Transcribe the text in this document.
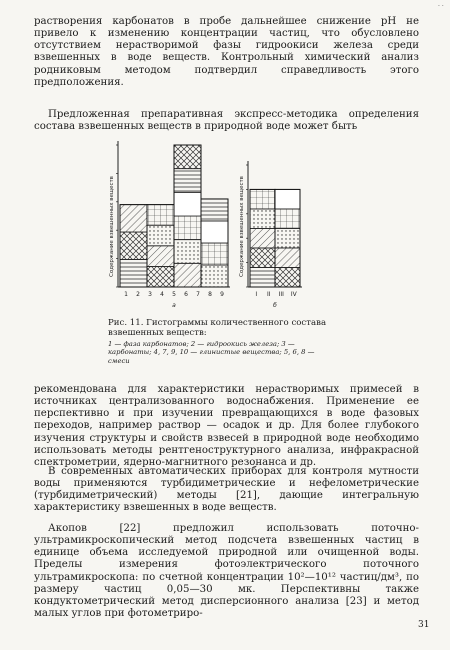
· ·

растворения карбонатов в пробе дальнейшее снижение pH не привело к изменению концентрации частиц, что обусловлено отсутствием нерастворимой фазы гидроокиси железа среди взвешенных в воде веществ. Контрольный химический анализ родниковым методом подтвердил справедливость этого предположения.

Предложенная препаративная экспресс-методика определения состава взвешенных веществ в природной воде может быть

Содержание взвешенных веществ
1 2 3 4 5 6 7 8 9
а
Содержание взвешенных веществ
I II III IV
б
Рис. 11. Гистограммы количественного состава взвешенных веществ:
1 — фаза карбонатов; 2 — гидроокись железа; 3 — карбонаты; 4, 7, 9, 10 — глинистые вещества; 5, 6, 8 — смеси

рекомендована для характеристики нерастворимых примесей в источниках централизованного водоснабжения. Применение ее перспективно и при изучении превращающихся в воде фазовых переходов, например раствор — осадок и др. Для более глубокого изучения структуры и свойств взвесей в природной воде необходимо использовать методы рентгеноструктурного анализа, инфракрасной спектрометрии, ядерно-магнитного резонанса и др.

В современных автоматических приборах для контроля мутности воды применяются турбидиметрические и нефелометрические (турбидиметрический) методы [21], дающие интегральную характеристику взвешенных в воде веществ.

Акопов [22] предложил использовать поточно-ультрамикроскопический метод подсчета взвешенных частиц в единице объема исследуемой природной или очищенной воды. Пределы измерения фотоэлектрического поточного ультрамикроскопа: по счетной концентрации 10²—10¹² частиц/дм³, по размеру частиц 0,05—30 мк. Перспективны также кондуктометрический метод дисперсионного анализа [23] и метод малых углов при фотометриро-

31
